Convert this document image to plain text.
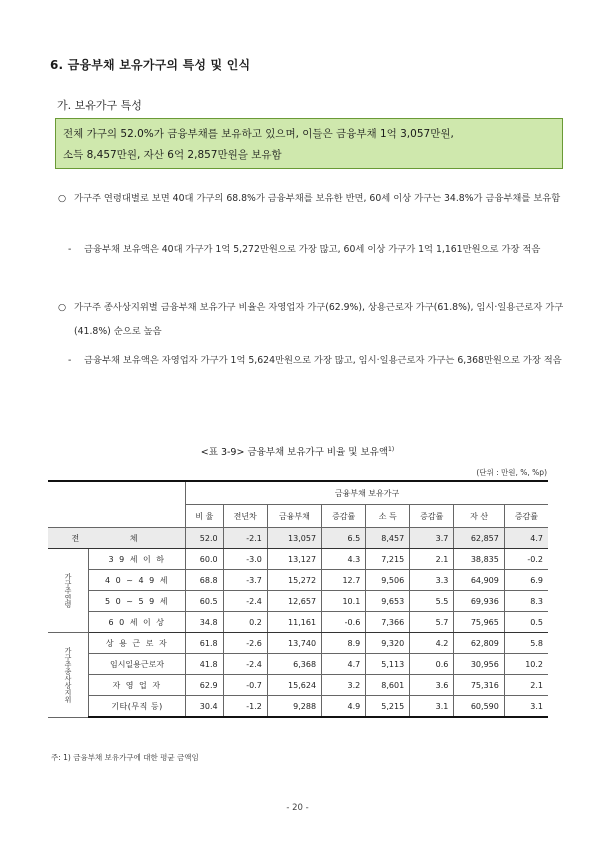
6. 금융부채 보유가구의 특성 및 인식
가. 보유가구 특성
전체 가구의 52.0%가 금융부채를 보유하고 있으며, 이들은 금융부채 1억 3,057만원,
소득 8,457만원, 자산 6억 2,857만원을 보유함
○ 가구주 연령대별로 보면 40대 가구의 68.8%가 금융부채를 보유한 반면, 60세 이상 가구는 34.8%가 금융부채를 보유함
-	금융부채 보유액은 40대 가구가 1억 5,272만원으로 가장 많고, 60세 이상 가구가 1억 1,161만원으로 가장 적음
○ 가구주 종사상지위별 금융부채 보유가구 비율은 자영업자 가구(62.9%), 상용근로자 가구(61.8%), 임시·일용근로자 가구(41.8%) 순으로 높음
-	금융부채 보유액은 자영업자 가구가 1억 5,624만원으로 가장 많고, 임시·일용근로자 가구는 6,368만원으로 가장 적음
<표 3-9> 금융부채 보유가구 비율 및 보유액$^{1)}$
(단위 : 만원, %, %p)
		금융부채 보유가구							
		비 율	전년차	금융부채	증감률	소 득	증감률	자 산	증감률
전 체		52.0	-2.1	13,057	6.5	8,457	3.7	62,857	4.7

가구주연령	3 9 세 이 하	60.0	-3.0	13,127	4.3	7,215	2.1	38,835	-0.2
	4 0 ~ 4 9 세	68.8	-3.7	15,272	12.7	9,506	3.3	64,909	6.9
	5 0 ~ 5 9 세	60.5	-2.4	12,657	10.1	9,653	5.5	69,936	8.3
	6 0 세 이 상	34.8	0.2	11,161	-0.6	7,366	5.7	75,965	0.5

가구주종사상지위	상 용 근 로 자	61.8	-2.6	13,740	8.9	9,320	4.2	62,809	5.8
	임시일용근로자	41.8	-2.4	6,368	4.7	5,113	0.6	30,956	10.2
	자 영 업 자	62.9	-0.7	15,624	3.2	8,601	3.6	75,316	2.1
	기타(무직 등)	30.4	-1.2	9,288	4.9	5,215	3.1	60,590	3.1
주: 1) 금융부채 보유가구에 대한 평균 금액임
- 20 -
